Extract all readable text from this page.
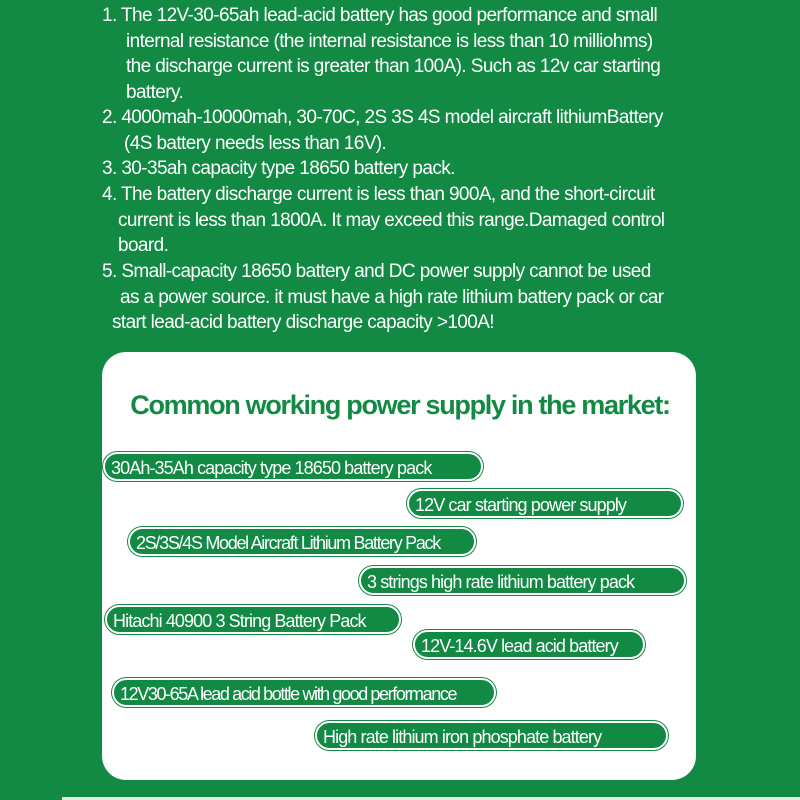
1. The 12V-30-65ah lead-acid battery has good performance and small
internal resistance (the internal resistance is less than 10 milliohms)
the discharge current is greater than 100A). Such as 12v car starting
battery.
2. 4000mah-10000mah, 30-70C, 2S 3S 4S model aircraft lithiumBattery
(4S battery needs less than 16V).
3. 30-35ah capacity type 18650 battery pack.
4. The battery discharge current is less than 900A, and the short-circuit
current is less than 1800A. It may exceed this range.Damaged control
board.
5. Small-capacity 18650 battery and DC power supply cannot be used
as a power source. it must have a high rate lithium battery pack or car
start lead-acid battery discharge capacity >100A!
Common working power supply in the market:
30Ah-35Ah capacity type 18650 battery pack
12V car starting power supply
2S/3S/4S Model Aircraft Lithium Battery Pack
3 strings high rate lithium battery pack
Hitachi 40900 3 String Battery Pack
12V-14.6V lead acid battery
12V30-65A lead acid bottle with good performance
High rate lithium iron phosphate battery
